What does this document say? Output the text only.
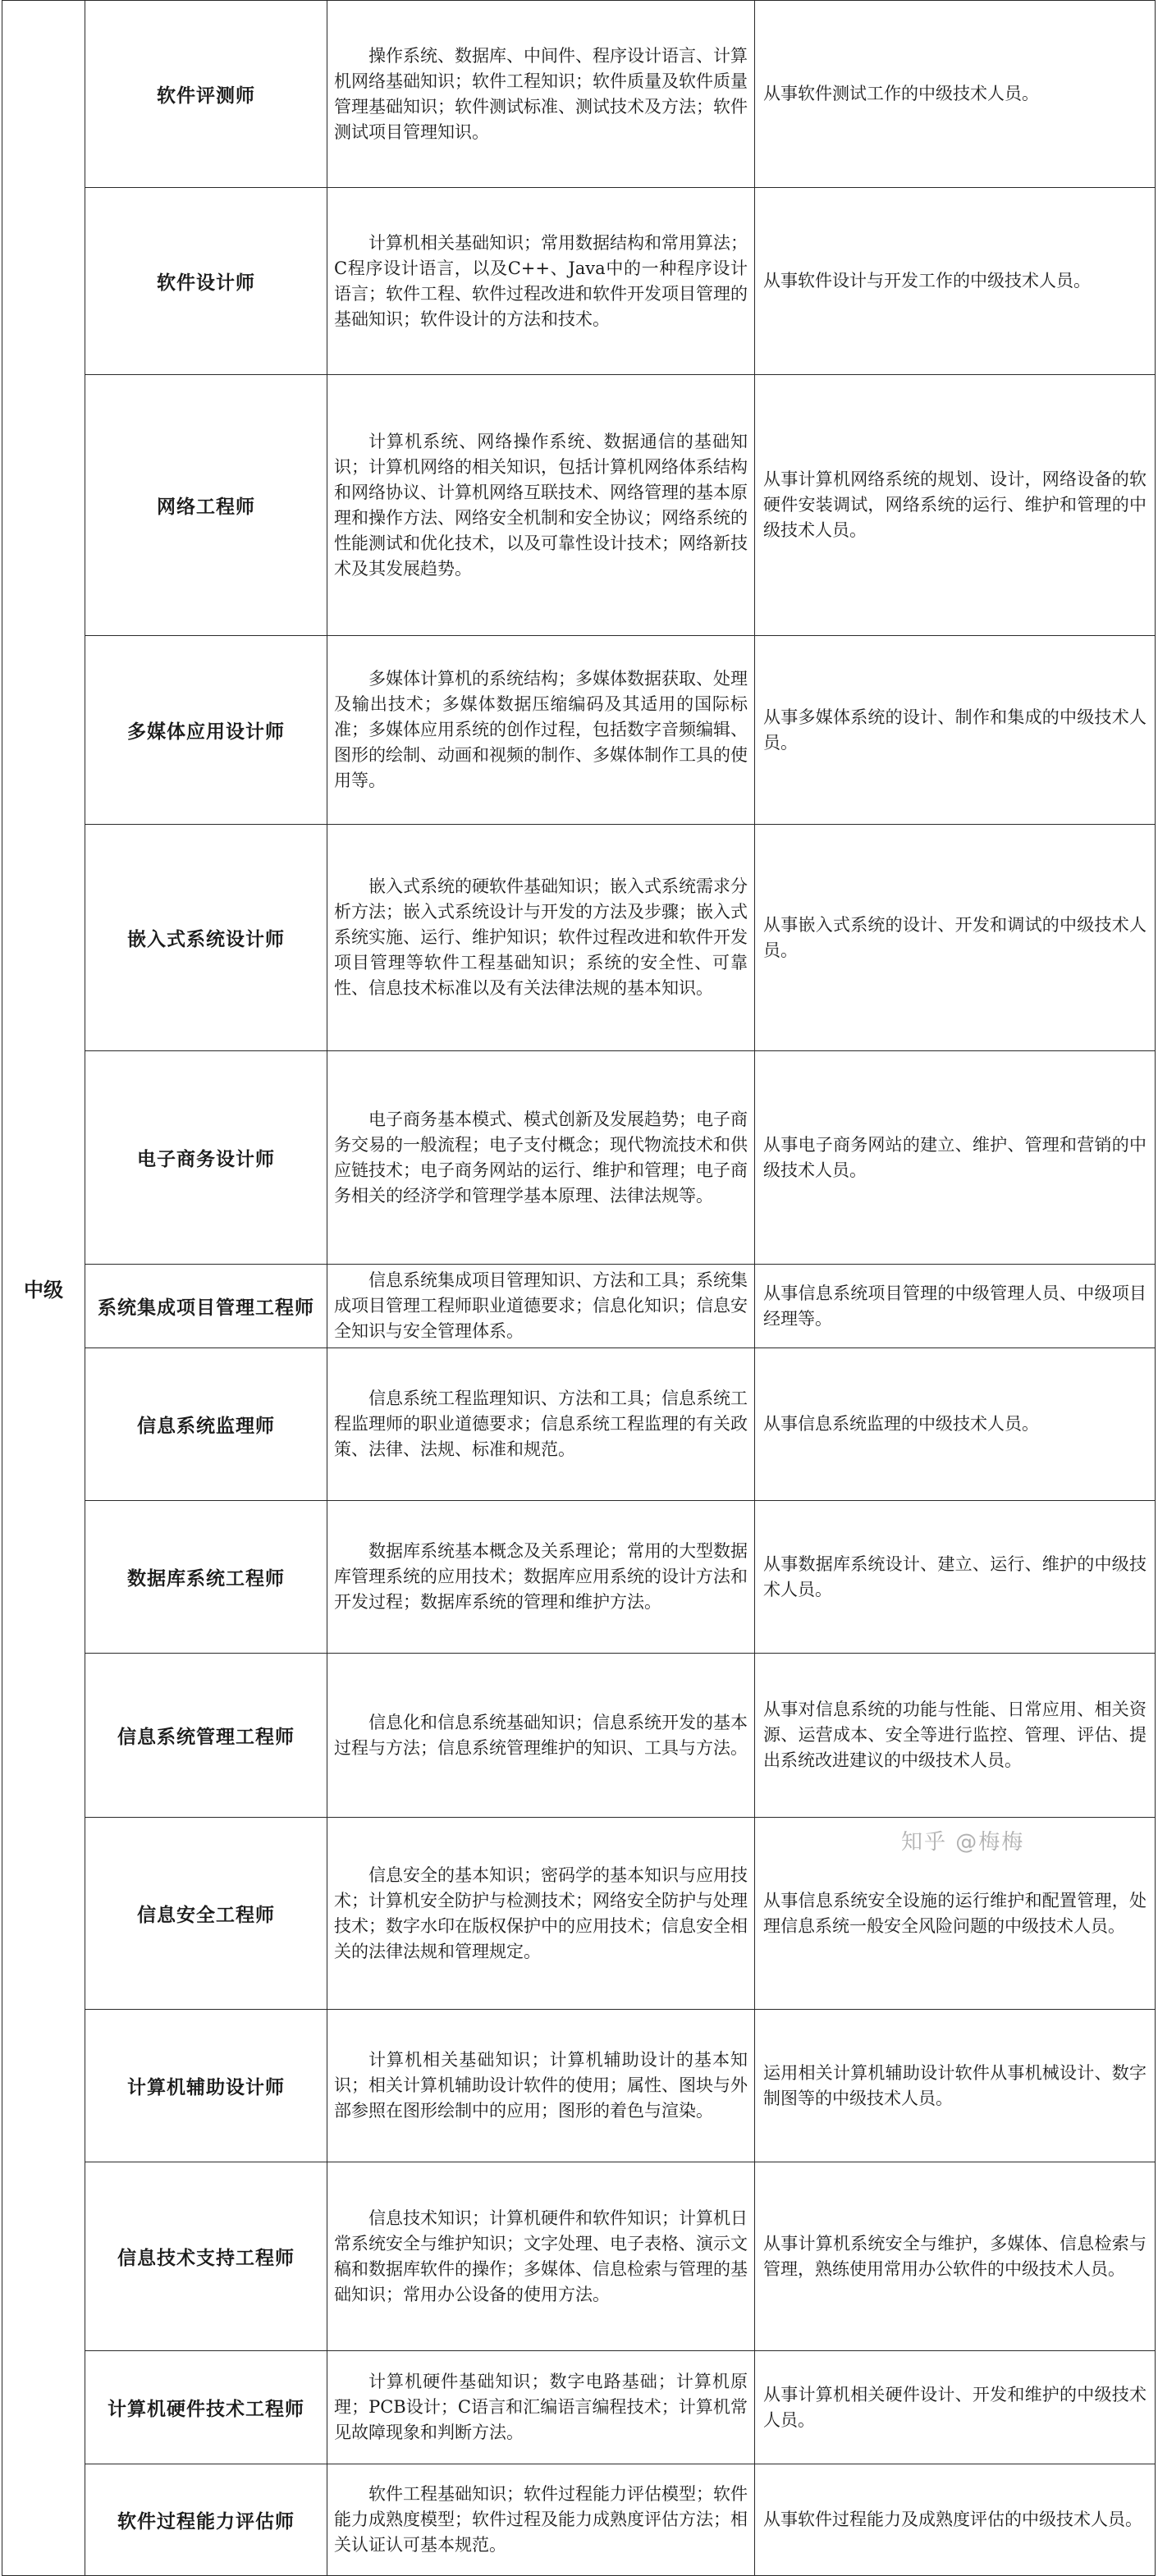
中级	软件评测师	操作系统、数据库、中间件、程序设计语言、计算机网络基础知识；软件工程知识；软件质量及软件质量管理基础知识；软件测试标准、测试技术及方法；软件测试项目管理知识。	从事软件测试工作的中级技术人员。
	软件设计师	计算机相关基础知识；常用数据结构和常用算法；C程序设计语言，以及C++、Java中的一种程序设计语言；软件工程、软件过程改进和软件开发项目管理的基础知识；软件设计的方法和技术。	从事软件设计与开发工作的中级技术人员。
	网络工程师	计算机系统、网络操作系统、数据通信的基础知识；计算机网络的相关知识，包括计算机网络体系结构和网络协议、计算机网络互联技术、网络管理的基本原理和操作方法、网络安全机制和安全协议；网络系统的性能测试和优化技术，以及可靠性设计技术；网络新技术及其发展趋势。	从事计算机网络系统的规划、设计，网络设备的软硬件安装调试，网络系统的运行、维护和管理的中级技术人员。
	多媒体应用设计师	多媒体计算机的系统结构；多媒体数据获取、处理及输出技术；多媒体数据压缩编码及其适用的国际标准；多媒体应用系统的创作过程，包括数字音频编辑、图形的绘制、动画和视频的制作、多媒体制作工具的使用等。	从事多媒体系统的设计、制作和集成的中级技术人员。
	嵌入式系统设计师	嵌入式系统的硬软件基础知识；嵌入式系统需求分析方法；嵌入式系统设计与开发的方法及步骤；嵌入式系统实施、运行、维护知识；软件过程改进和软件开发项目管理等软件工程基础知识；系统的安全性、可靠性、信息技术标准以及有关法律法规的基本知识。	从事嵌入式系统的设计、开发和调试的中级技术人员。
	电子商务设计师	电子商务基本模式、模式创新及发展趋势；电子商务交易的一般流程；电子支付概念；现代物流技术和供应链技术；电子商务网站的运行、维护和管理；电子商务相关的经济学和管理学基本原理、法律法规等。	从事电子商务网站的建立、维护、管理和营销的中级技术人员。
	系统集成项目管理工程师	信息系统集成项目管理知识、方法和工具；系统集成项目管理工程师职业道德要求；信息化知识；信息安全知识与安全管理体系。	从事信息系统项目管理的中级管理人员、中级项目经理等。
	信息系统监理师	信息系统工程监理知识、方法和工具；信息系统工程监理师的职业道德要求；信息系统工程监理的有关政策、法律、法规、标准和规范。	从事信息系统监理的中级技术人员。
	数据库系统工程师	数据库系统基本概念及关系理论；常用的大型数据库管理系统的应用技术；数据库应用系统的设计方法和开发过程；数据库系统的管理和维护方法。	从事数据库系统设计、建立、运行、维护的中级技术人员。
	信息系统管理工程师	信息化和信息系统基础知识；信息系统开发的基本过程与方法；信息系统管理维护的知识、工具与方法。	从事对信息系统的功能与性能、日常应用、相关资源、运营成本、安全等进行监控、管理、评估、提出系统改进建议的中级技术人员。
	信息安全工程师	信息安全的基本知识；密码学的基本知识与应用技术；计算机安全防护与检测技术；网络安全防护与处理技术；数字水印在版权保护中的应用技术；信息安全相关的法律法规和管理规定。	从事信息系统安全设施的运行维护和配置管理，处理信息系统一般安全风险问题的中级技术人员。
	计算机辅助设计师	计算机相关基础知识；计算机辅助设计的基本知识；相关计算机辅助设计软件的使用；属性、图块与外部参照在图形绘制中的应用；图形的着色与渲染。	运用相关计算机辅助设计软件从事机械设计、数字制图等的中级技术人员。
	信息技术支持工程师	信息技术知识；计算机硬件和软件知识；计算机日常系统安全与维护知识；文字处理、电子表格、演示文稿和数据库软件的操作；多媒体、信息检索与管理的基础知识；常用办公设备的使用方法。	从事计算机系统安全与维护，多媒体、信息检索与管理，熟练使用常用办公软件的中级技术人员。
	计算机硬件技术工程师	计算机硬件基础知识；数字电路基础；计算机原理；PCB设计；C语言和汇编语言编程技术；计算机常见故障现象和判断方法。	从事计算机相关硬件设计、开发和维护的中级技术人员。
	软件过程能力评估师	软件工程基础知识；软件过程能力评估模型；软件能力成熟度模型；软件过程及能力成熟度评估方法；相关认证认可基本规范。	从事软件过程能力及成熟度评估的中级技术人员。
知乎 @梅梅
